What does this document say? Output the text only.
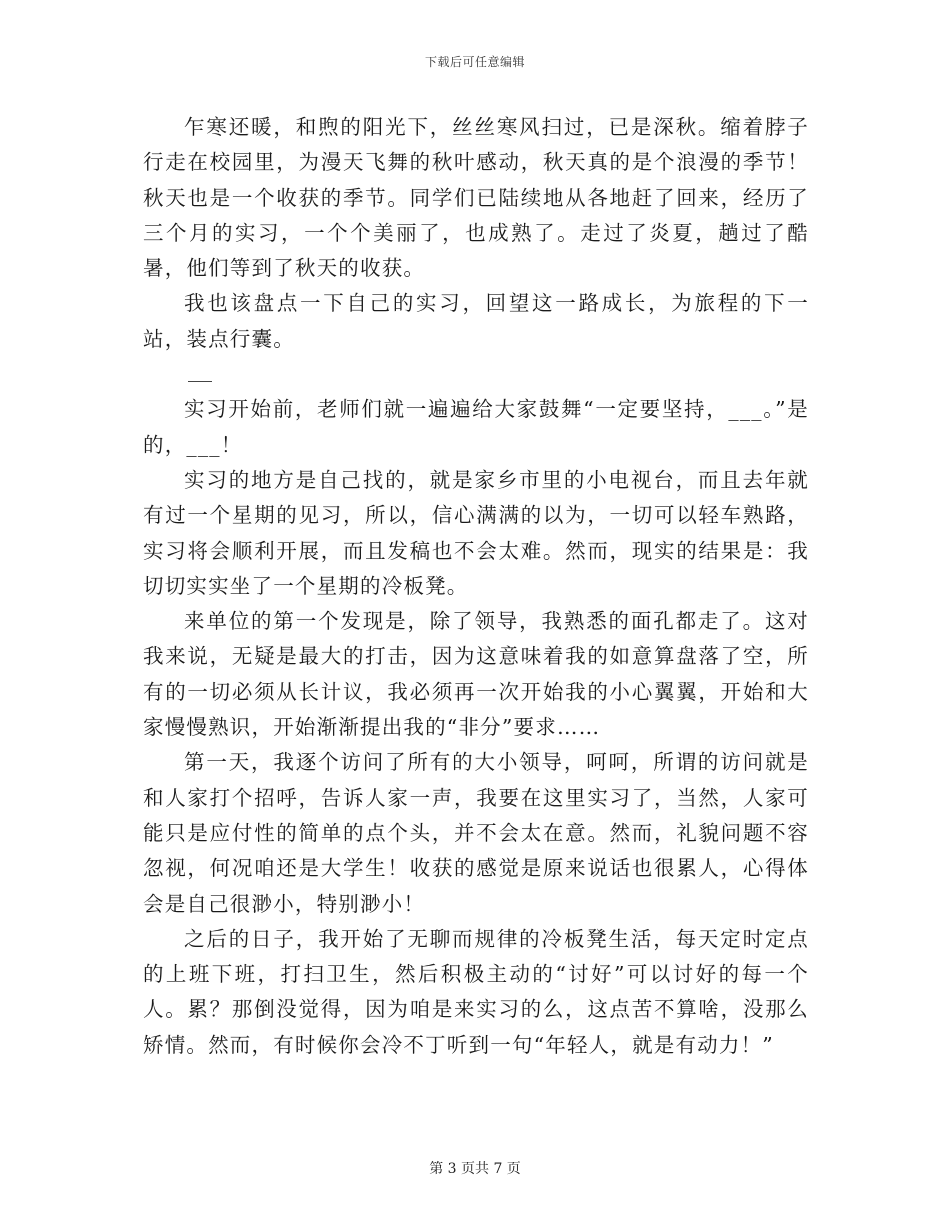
下载后可任意编辑

乍寒还暖，和煦的阳光下，丝丝寒风扫过，已是深秋。缩着脖子行走在校园里，为漫天飞舞的秋叶感动，秋天真的是个浪漫的季节！秋天也是一个收获的季节。同学们已陆续地从各地赶了回来，经历了三个月的实习，一个个美丽了，也成熟了。走过了炎夏，趟过了酷暑，他们等到了秋天的收获。

我也该盘点一下自己的实习，回望这一路成长，为旅程的下一站，装点行囊。

实习开始前，老师们就一遍遍给大家鼓舞“一定要坚持，___。”是的，___！

实习的地方是自己找的，就是家乡市里的小电视台，而且去年就有过一个星期的见习，所以，信心满满的以为，一切可以轻车熟路，实习将会顺利开展，而且发稿也不会太难。然而，现实的结果是：我切切实实坐了一个星期的冷板凳。

来单位的第一个发现是，除了领导，我熟悉的面孔都走了。这对我来说，无疑是最大的打击，因为这意味着我的如意算盘落了空，所有的一切必须从长计议，我必须再一次开始我的小心翼翼，开始和大家慢慢熟识，开始渐渐提出我的“非分”要求……

第一天，我逐个访问了所有的大小领导，呵呵，所谓的访问就是和人家打个招呼，告诉人家一声，我要在这里实习了，当然，人家可能只是应付性的简单的点个头，并不会太在意。然而，礼貌问题不容忽视，何况咱还是大学生！收获的感觉是原来说话也很累人，心得体会是自己很渺小，特别渺小！

之后的日子，我开始了无聊而规律的冷板凳生活，每天定时定点的上班下班，打扫卫生，然后积极主动的“讨好”可以讨好的每一个人。累？那倒没觉得，因为咱是来实习的么，这点苦不算啥，没那么矫情。然而，有时候你会冷不丁听到一句“年轻人，就是有动力！”

第 3 页共 7 页
